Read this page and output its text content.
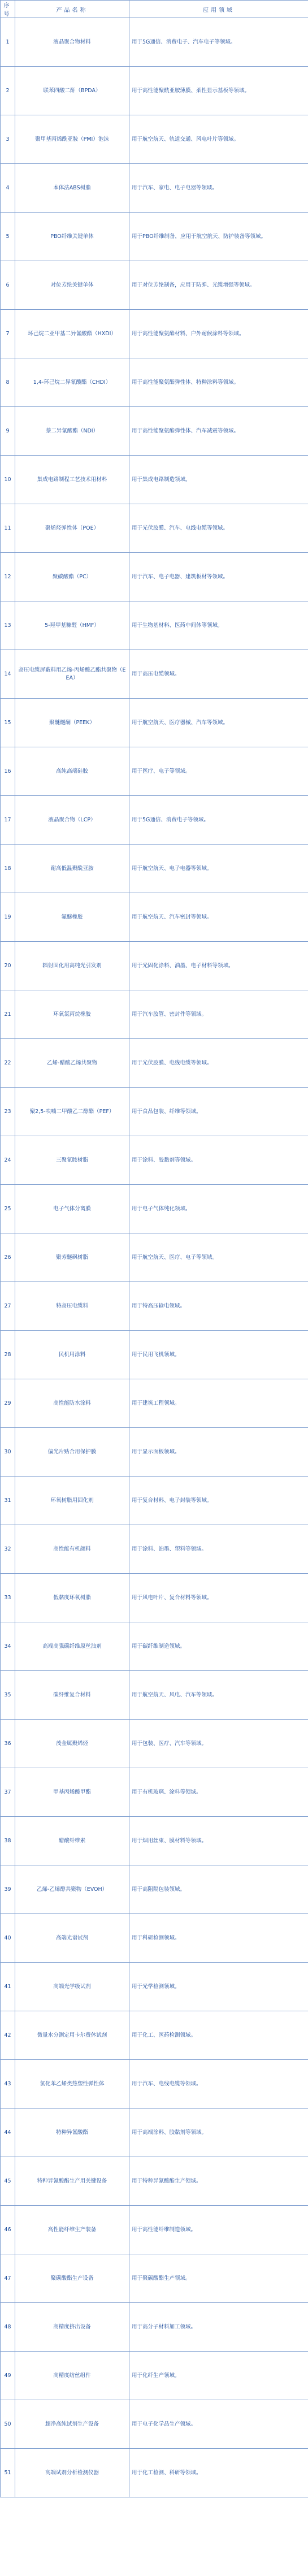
序号	产品名称	应用领域
1	液晶聚合物材料	用于5G通信、消费电子、汽车电子等领域。
2	联苯四酸二酐（BPDA）	用于高性能聚酰亚胺薄膜、柔性显示基板等领域。
3	聚甲基丙烯酰亚胺（PMI）泡沫	用于航空航天、轨道交通、风电叶片等领域。
4	本体法ABS树脂	用于汽车、家电、电子电器等领域。
5	PBO纤维关键单体	用于PBO纤维制备，应用于航空航天、防护装备等领域。
6	对位芳纶关键单体	用于对位芳纶制备，应用于防弹、光缆增强等领域。
7	环己烷二亚甲基二异氰酸酯（HXDI）	用于高性能聚氨酯材料、户外耐候涂料等领域。
8	1,4-环己烷二异氰酸酯（CHDI）	用于高性能聚氨酯弹性体、特种涂料等领域。
9	萘二异氰酸酯（NDI）	用于高性能聚氨酯弹性体、汽车减震等领域。
10	集成电路制程工艺技术用材料	用于集成电路制造领域。
11	聚烯烃弹性体（POE）	用于光伏胶膜、汽车、电线电缆等领域。
12	聚碳酸酯（PC）	用于汽车、电子电器、建筑板材等领域。
13	5-羟甲基糠醛（HMF）	用于生物基材料、医药中间体等领域。
14	高压电缆屏蔽料用乙烯-丙烯酸乙酯共聚物（EEA）	用于高压电缆领域。
15	聚醚醚酮（PEEK）	用于航空航天、医疗器械、汽车等领域。
16	高纯高端硅胶	用于医疗、电子等领域。
17	液晶聚合物（LCP）	用于5G通信、消费电子等领域。
18	耐高低温聚酰亚胺	用于航空航天、电子电器等领域。
19	氟醚橡胶	用于航空航天、汽车密封等领域。
20	辐射固化用高纯光引发剂	用于光固化涂料、油墨、电子材料等领域。
21	环氧氯丙烷橡胶	用于汽车胶管、密封件等领域。
22	乙烯-醋酸乙烯共聚物	用于光伏胶膜、电线电缆等领域。
23	聚2,5-呋喃二甲酸乙二醇酯（PEF）	用于食品包装、纤维等领域。
24	三聚氰胺树脂	用于涂料、胶黏剂等领域。
25	电子气体分离膜	用于电子气体纯化领域。
26	聚芳醚砜树脂	用于航空航天、医疗、电子等领域。
27	特高压电缆料	用于特高压输电领域。
28	民机用涂料	用于民用飞机领域。
29	高性能防水涂料	用于建筑工程领域。
30	偏光片贴合用保护膜	用于显示面板领域。
31	环氧树脂用固化剂	用于复合材料、电子封装等领域。
32	高性能有机颜料	用于涂料、油墨、塑料等领域。
33	低黏度环氧树脂	用于风电叶片、复合材料等领域。
34	高端高强碳纤维原丝油剂	用于碳纤维制造领域。
35	碳纤维复合材料	用于航空航天、风电、汽车等领域。
36	茂金属聚烯烃	用于包装、医疗、汽车等领域。
37	甲基丙烯酸甲酯	用于有机玻璃、涂料等领域。
38	醋酸纤维素	用于烟用丝束、膜材料等领域。
39	乙烯-乙烯醇共聚物（EVOH）	用于高阻隔包装领域。
40	高端光谱试剂	用于科研检测领域。
41	高端光学级试剂	用于光学检测领域。
42	微量水分测定用卡尔费休试剂	用于化工、医药检测领域。
43	氯化苯乙烯类热塑性弹性体	用于汽车、电线电缆等领域。
44	特种异氰酸酯	用于高端涂料、胶黏剂等领域。
45	特种异氰酸酯生产用关键设备	用于特种异氰酸酯生产领域。
46	高性能纤维生产装备	用于高性能纤维制造领域。
47	聚碳酸酯生产设备	用于聚碳酸酯生产领域。
48	高精度挤出设备	用于高分子材料加工领域。
49	高精度纺丝组件	用于化纤生产领域。
50	超净高纯试剂生产设备	用于电子化学品生产领域。
51	高端试剂分析检测仪器	用于化工检测、科研等领域。
